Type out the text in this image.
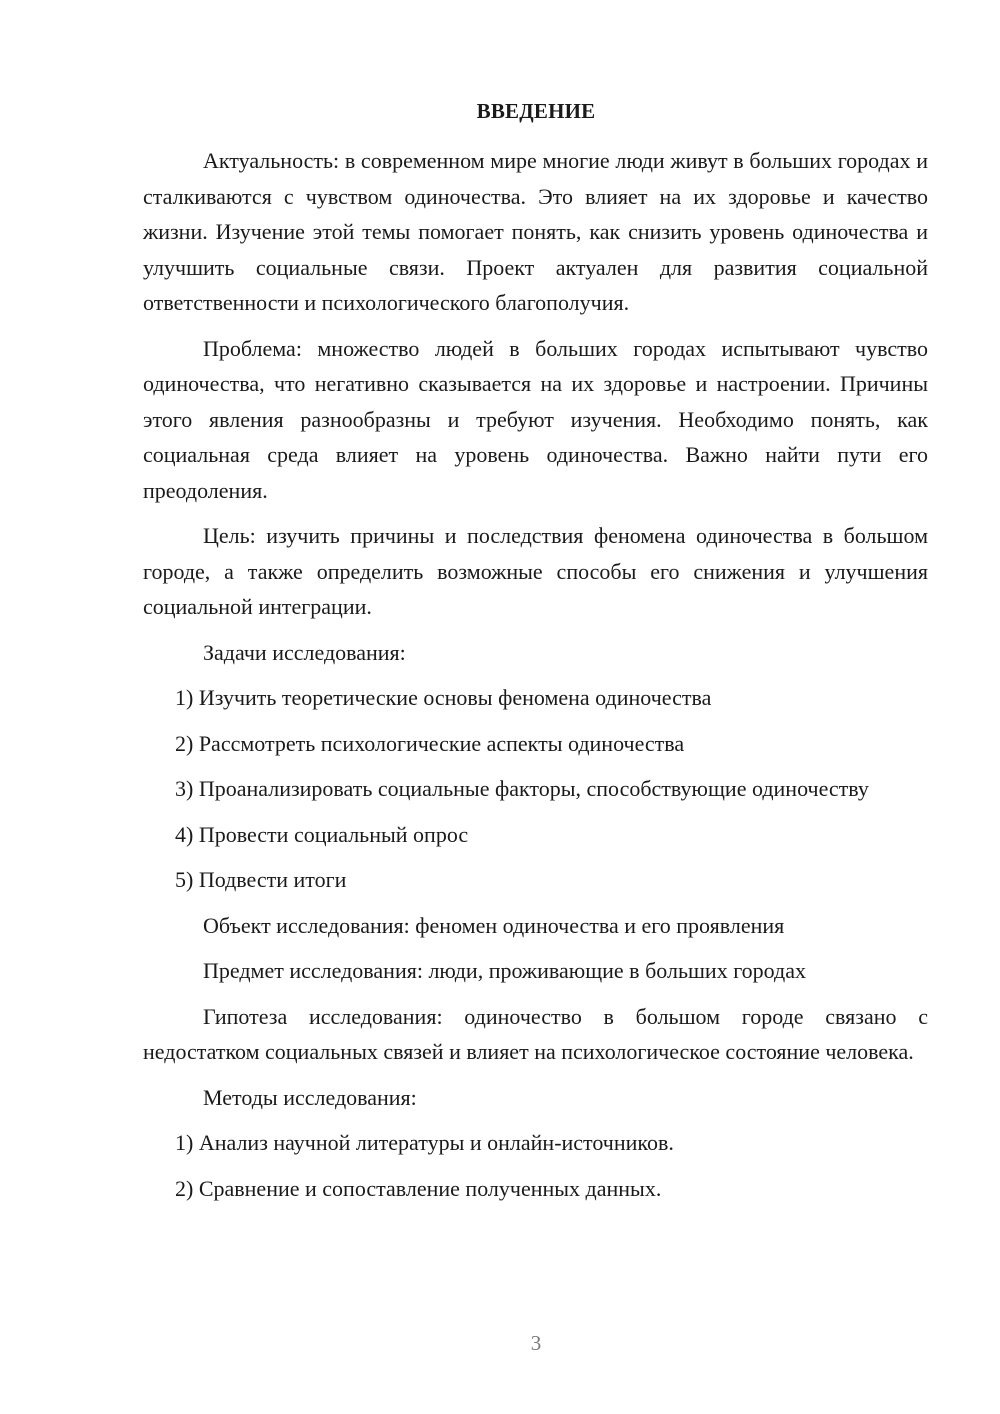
ВВЕДЕНИЕ

Актуальность: в современном мире многие люди живут в больших городах и сталкиваются с чувством одиночества. Это влияет на их здоровье и качество жизни. Изучение этой темы помогает понять, как снизить уровень одиночества и улучшить социальные связи. Проект актуален для развития социальной ответственности и психологического благополучия.

Проблема: множество людей в больших городах испытывают чувство одиночества, что негативно сказывается на их здоровье и настроении. Причины этого явления разнообразны и требуют изучения. Необходимо понять, как социальная среда влияет на уровень одиночества. Важно найти пути его преодоления.

Цель: изучить причины и последствия феномена одиночества в большом городе, а также определить возможные способы его снижения и улучшения социальной интеграции.

Задачи исследования:

1) Изучить теоретические основы феномена одиночества

2) Рассмотреть психологические аспекты одиночества

3) Проанализировать социальные факторы, способствующие одиночеству

4) Провести социальный опрос

5) Подвести итоги

Объект исследования: феномен одиночества и его проявления

Предмет исследования: люди, проживающие в больших городах

Гипотеза исследования: одиночество в большом городе связано с недостатком социальных связей и влияет на психологическое состояние человека.

Методы исследования:

1) Анализ научной литературы и онлайн-источников.

2) Сравнение и сопоставление полученных данных.

3
